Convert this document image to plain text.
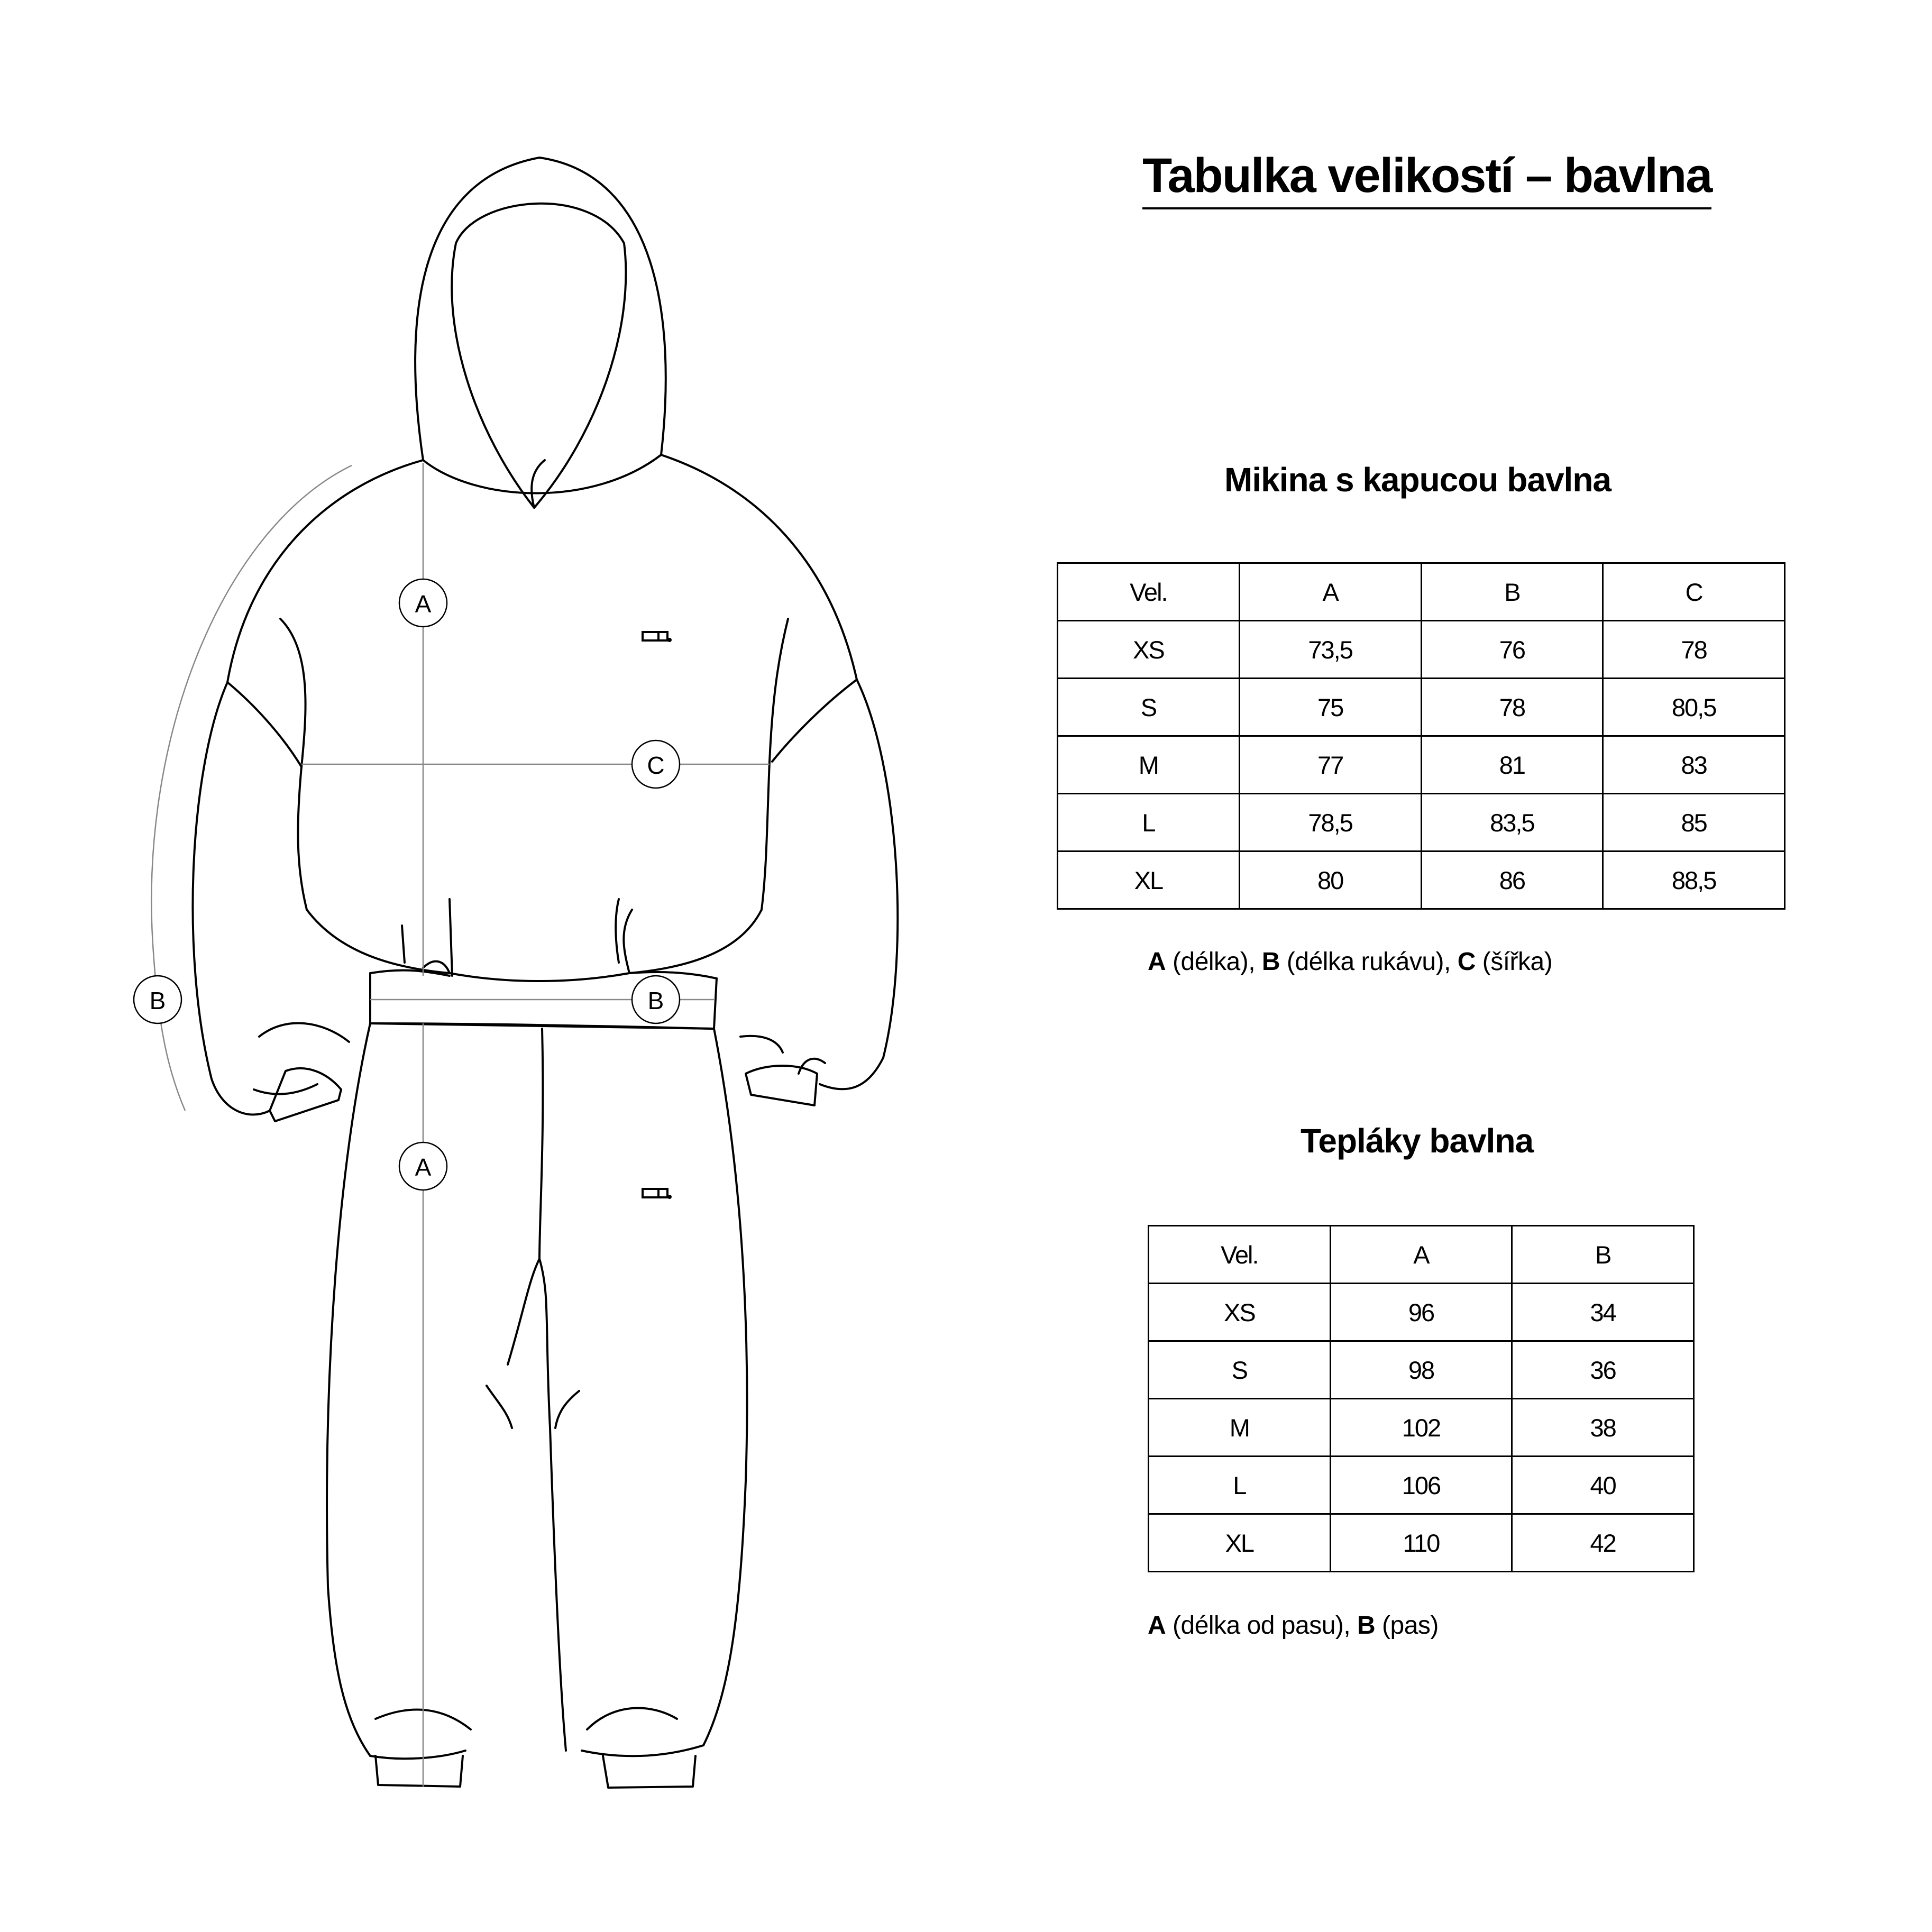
A
C
B	B
A
Tabulka velikostí – bavlna
Mikina s kapucou bavlna
Vel.	A	B	C
XS	73,5	76	78
S	75	78	80,5
M	77	81	83
L	78,5	83,5	85
XL	80	86	88,5
A (délka), B (délka rukávu), C (šířka)
Tepláky bavlna
Vel.	A	B
XS	96	34
S	98	36
M	102	38
L	106	40
XL	110	42
A (délka od pasu), B (pas)
